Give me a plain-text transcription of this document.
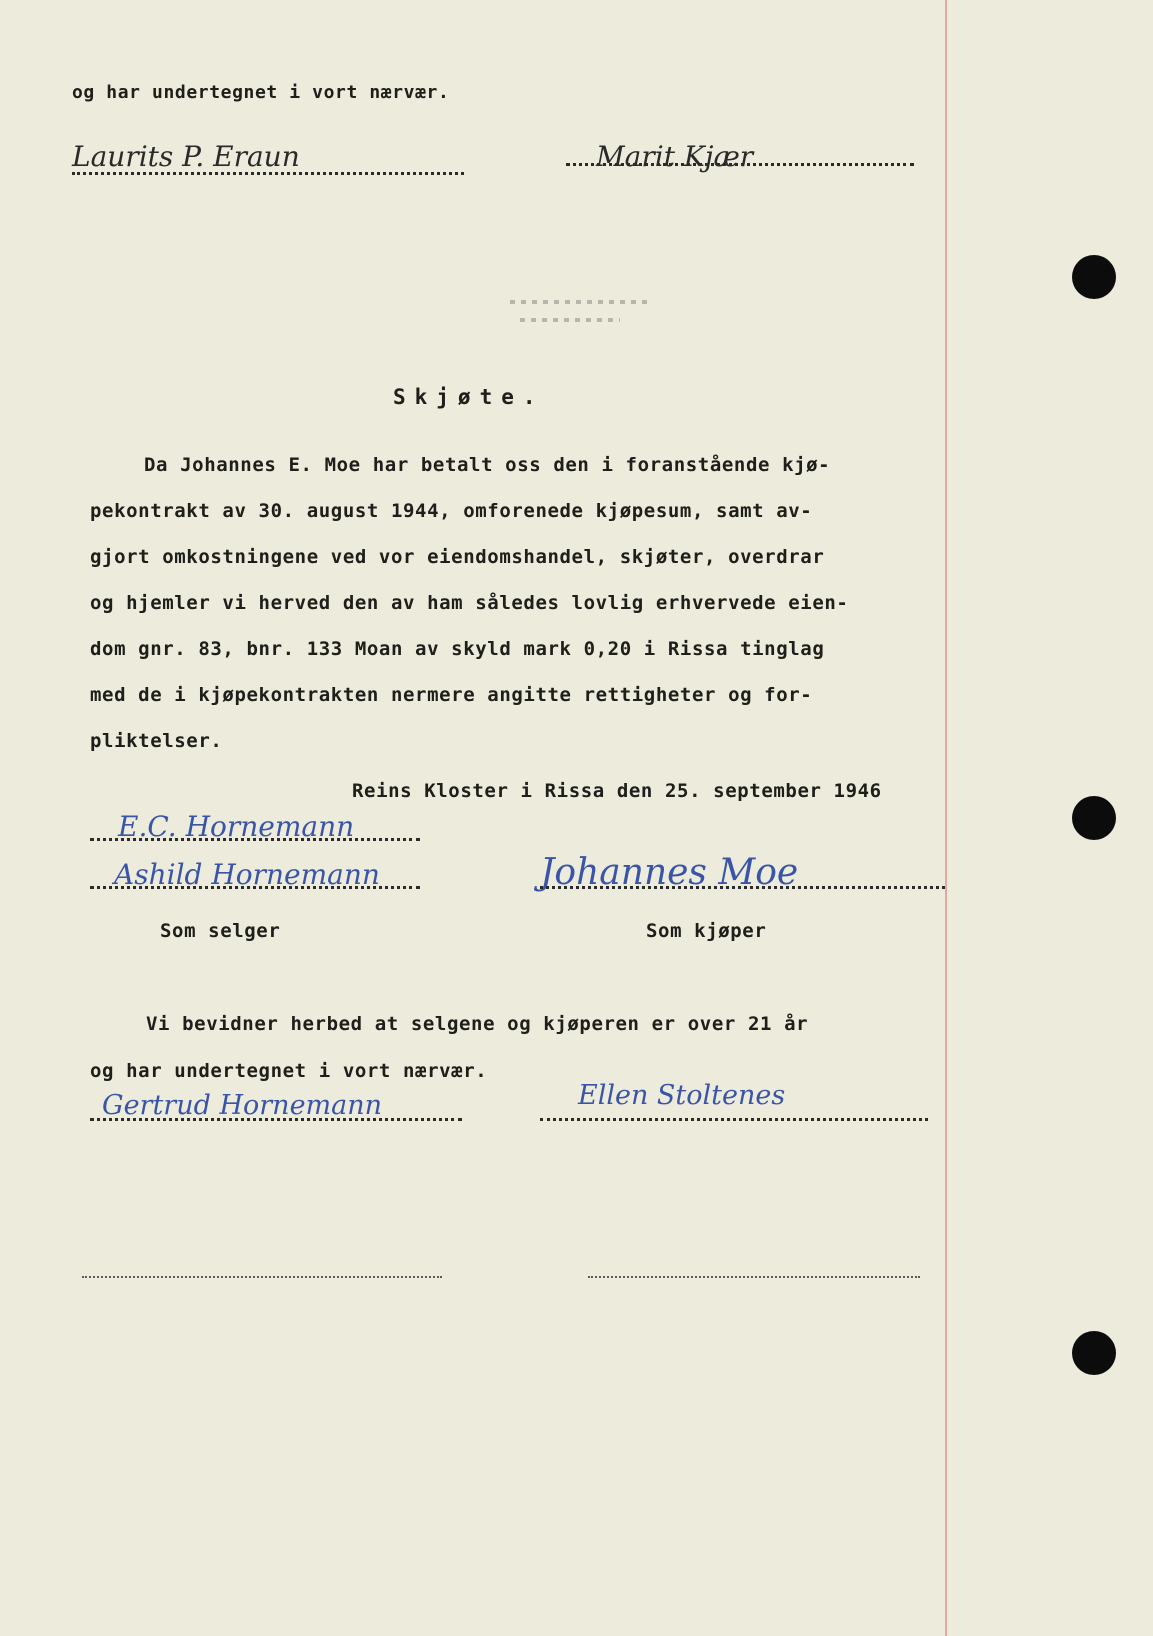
og har undertegnet i vort nærvær.
Laurits P. Eraun	Marit Kjær
Skjøte.
Da Johannes E. Moe har betalt oss den i foranstående kjø-
pekontrakt av 30. august 1944, omforenede kjøpesum, samt av-
gjort omkostningene ved vor eiendomshandel, skjøter, overdrar
og hjemler vi herved den av ham således lovlig erhvervede eien-
dom gnr. 83, bnr. 133 Moan av skyld mark 0,20 i Rissa tinglag
med de i kjøpekontrakten nermere angitte rettigheter og for-
pliktelser.
Reins Kloster i Rissa den 25. september 1946
E.C. Hornemann
Ashild Hornemann	Johannes Moe
Som selger	Som kjøper
Vi bevidner herbed at selgene og kjøperen er over 21 år
og har undertegnet i vort nærvær.
Gertrud Hornemann	Ellen Stoltenes
